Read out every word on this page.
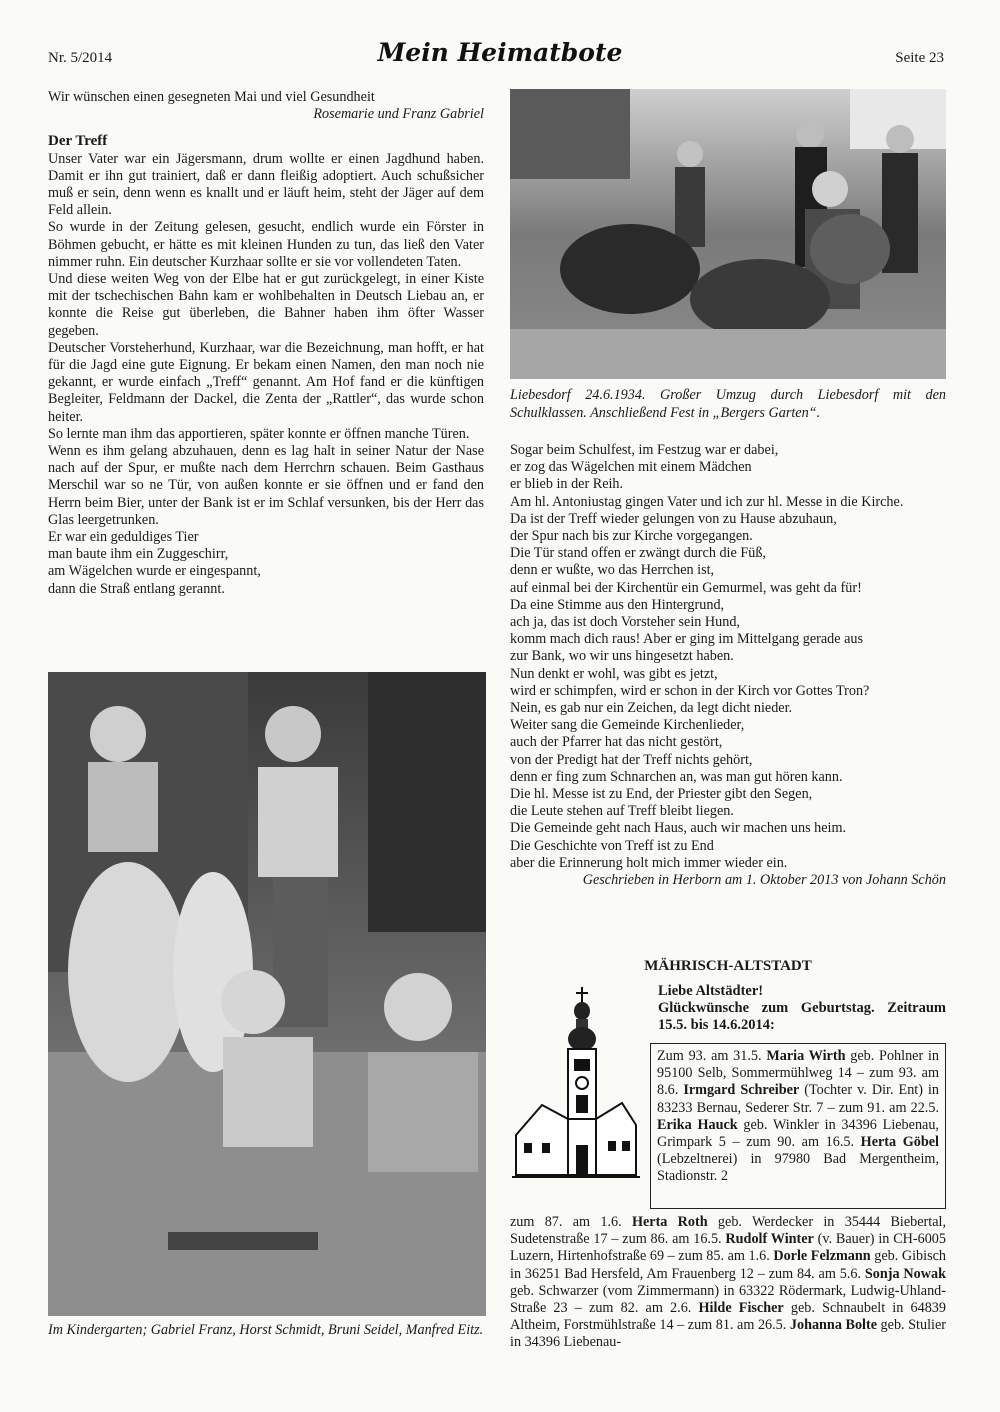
Nr. 5/2014	Mein Heimatbote	Seite 23

Wir wünschen einen gesegneten Mai und viel Gesundheit

Rosemarie und Franz Gabriel

Der Treff

Unser Vater war ein Jägersmann, drum wollte er einen Jagdhund haben. Damit er ihn gut trainiert, daß er dann fleißig adoptiert. Auch schußsicher muß er sein, denn wenn es knallt und er läuft heim, steht der Jäger auf dem Feld allein.

So wurde in der Zeitung gelesen, gesucht, endlich wurde ein Förster in Böhmen gebucht, er hätte es mit kleinen Hunden zu tun, das ließ den Vater nimmer ruhn. Ein deutscher Kurzhaar sollte er sie vor vollendeten Taten.

Und diese weiten Weg von der Elbe hat er gut zurückgelegt, in einer Kiste mit der tschechischen Bahn kam er wohlbehalten in Deutsch Liebau an, er konnte die Reise gut überleben, die Bahner haben ihm öfter Wasser gegeben.

Deutscher Vorsteherhund, Kurzhaar, war die Bezeichnung, man hofft, er hat für die Jagd eine gute Eignung. Er bekam einen Namen, den man noch nie gekannt, er wurde einfach „Treff“ genannt. Am Hof fand er die künftigen Begleiter, Feldmann der Dackel, die Zenta der „Rattler“, das wurde schon heiter.

So lernte man ihm das apportieren, später konnte er öffnen manche Türen.

Wenn es ihm gelang abzuhauen, denn es lag halt in seiner Natur der Nase nach auf der Spur, er mußte nach dem Herrchrn schauen. Beim Gasthaus Merschil war so ne Tür, von außen konnte er sie öffnen und er fand den Herrn beim Bier, unter der Bank ist er im Schlaf versunken, bis der Herr das Glas leergetrunken.

Er war ein geduldiges Tier

man baute ihm ein Zuggeschirr,

am Wägelchen wurde er eingespannt,

dann die Straß entlang gerannt.

Im Kindergarten; Gabriel Franz, Horst Schmidt, Bruni Seidel, Manfred Eitz.
Liebesdorf 24.6.1934. Großer Umzug durch Liebesdorf mit den Schulklassen. Anschließend Fest in „Bergers Garten“.

Sogar beim Schulfest, im Festzug war er dabei,

er zog das Wägelchen mit einem Mädchen

er blieb in der Reih.

Am hl. Antoniustag gingen Vater und ich zur hl. Messe in die Kirche.

Da ist der Treff wieder gelungen von zu Hause abzuhaun,

der Spur nach bis zur Kirche vorgegangen.

Die Tür stand offen er zwängt durch die Füß,

denn er wußte, wo das Herrchen ist,

auf einmal bei der Kirchentür ein Gemurmel, was geht da für!

Da eine Stimme aus den Hintergrund,

ach ja, das ist doch Vorsteher sein Hund,

komm mach dich raus! Aber er ging im Mittelgang gerade aus

zur Bank, wo wir uns hingesetzt haben.

Nun denkt er wohl, was gibt es jetzt,

wird er schimpfen, wird er schon in der Kirch vor Gottes Tron?

Nein, es gab nur ein Zeichen, da legt dicht nieder.

Weiter sang die Gemeinde Kirchenlieder,

auch der Pfarrer hat das nicht gestört,

von der Predigt hat der Treff nichts gehört,

denn er fing zum Schnarchen an, was man gut hören kann.

Die hl. Messe ist zu End, der Priester gibt den Segen,

die Leute stehen auf Treff bleibt liegen.

Die Gemeinde geht nach Haus, auch wir machen uns heim.

Die Geschichte von Treff ist zu End

aber die Erinnerung holt mich immer wieder ein.

Geschrieben in Herborn am 1. Oktober 2013 von Johann Schön

MÄHRISCH-ALTSTADT

Liebe Altstädter!

Glückwünsche zum Geburtstag. Zeitraum 15.5. bis 14.6.2014:

Zum 93. am 31.5. Maria Wirth geb. Pohlner in 95100 Selb, Sommermühlweg 14 – zum 93. am 8.6. Irmgard Schreiber (Tochter v. Dir. Ent) in 83233 Bernau, Sederer Str. 7 – zum 91. am 22.5. Erika Hauck geb. Winkler in 34396 Liebenau, Grimpark 5 – zum 90. am 16.5. Herta Göbel (Lebzeltnerei) in 97980 Bad Mergentheim, Stadionstr. 2
zum 87. am 1.6. Herta Roth geb. Werdecker in 35444 Biebertal, Sudetenstraße 17 – zum 86. am 16.5. Rudolf Winter (v. Bauer) in CH-6005 Luzern, Hirtenhofstraße 69 – zum 85. am 1.6. Dorle Felzmann geb. Gibisch in 36251 Bad Hersfeld, Am Frauenberg 12 – zum 84. am 5.6. Sonja Nowak geb. Schwarzer (vom Zimmermann) in 63322 Rödermark, Ludwig-Uhland-Straße 23 – zum 82. am 2.6. Hilde Fischer geb. Schnaubelt in 64839 Altheim, Forstmühlstraße 14 – zum 81. am 26.5. Johanna Bolte geb. Stulier in 34396 Liebenau-
